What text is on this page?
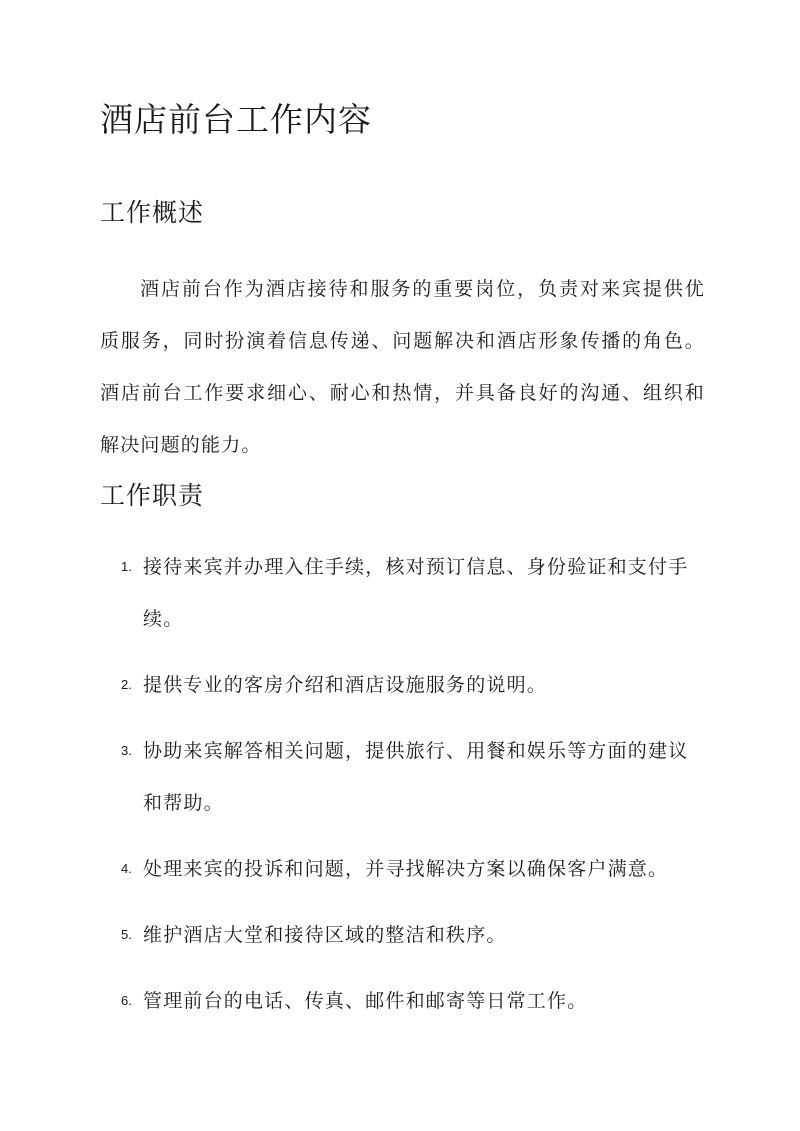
酒店前台工作内容
工作概述

酒店前台作为酒店接待和服务的重要岗位，负责对来宾提供优质服务，同时扮演着信息传递、问题解决和酒店形象传播的角色。酒店前台工作要求细心、耐心和热情，并具备良好的沟通、组织和解决问题的能力。

工作职责
1. 接待来宾并办理入住手续，核对预订信息、身份验证和支付手续。
2. 提供专业的客房介绍和酒店设施服务的说明。
3. 协助来宾解答相关问题，提供旅行、用餐和娱乐等方面的建议和帮助。
4. 处理来宾的投诉和问题，并寻找解决方案以确保客户满意。
5. 维护酒店大堂和接待区域的整洁和秩序。
6. 管理前台的电话、传真、邮件和邮寄等日常工作。
